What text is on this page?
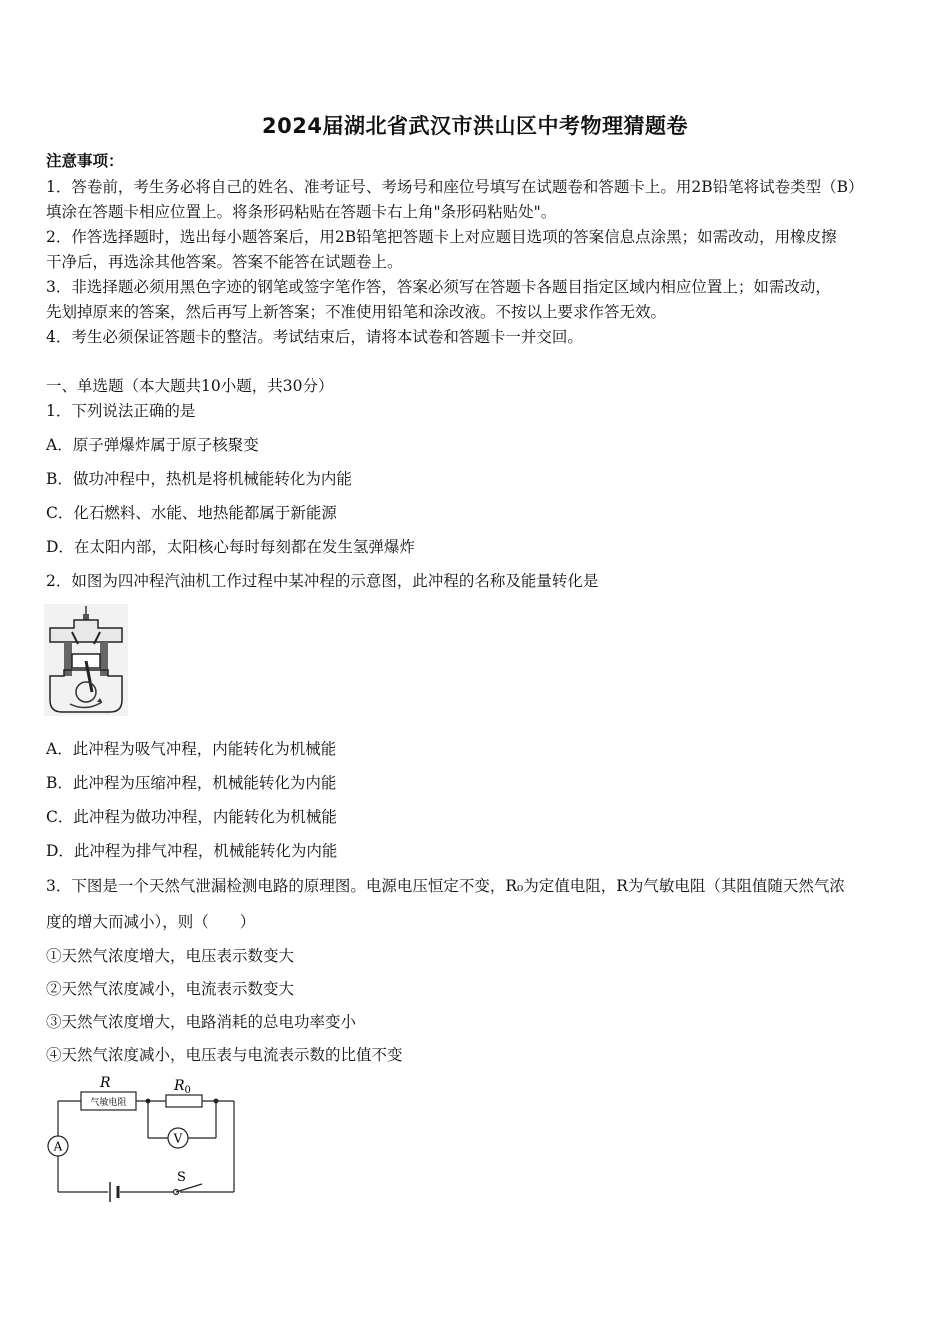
2024届湖北省武汉市洪山区中考物理猜题卷
注意事项：
1．答卷前，考生务必将自己的姓名、准考证号、考场号和座位号填写在试题卷和答题卡上。用2B铅笔将试卷类型（B）
填涂在答题卡相应位置上。将条形码粘贴在答题卡右上角"条形码粘贴处"。
2．作答选择题时，选出每小题答案后，用2B铅笔把答题卡上对应题目选项的答案信息点涂黑；如需改动，用橡皮擦
干净后，再选涂其他答案。答案不能答在试题卷上。
3．非选择题必须用黑色字迹的钢笔或签字笔作答，答案必须写在答题卡各题目指定区域内相应位置上；如需改动，
先划掉原来的答案，然后再写上新答案；不准使用铅笔和涂改液。不按以上要求作答无效。
4．考生必须保证答题卡的整洁。考试结束后，请将本试卷和答题卡一并交回。
一、单选题（本大题共10小题，共30分）
1．下列说法正确的是
A．原子弹爆炸属于原子核聚变
B．做功冲程中，热机是将机械能转化为内能
C．化石燃料、水能、地热能都属于新能源
D．在太阳内部，太阳核心每时每刻都在发生氢弹爆炸
2．如图为四冲程汽油机工作过程中某冲程的示意图，此冲程的名称及能量转化是
A．此冲程为吸气冲程，内能转化为机械能
B．此冲程为压缩冲程，机械能转化为内能
C．此冲程为做功冲程，内能转化为机械能
D．此冲程为排气冲程，机械能转化为内能
3．下图是一个天然气泄漏检测电路的原理图。电源电压恒定不变，R₀为定值电阻，R为气敏电阻（其阻值随天然气浓
度的增大而减小），则（　　）
①天然气浓度增大，电压表示数变大
②天然气浓度减小，电流表示数变大
③天然气浓度增大，电路消耗的总电功率变小
④天然气浓度减小，电压表与电流表示数的比值不变
R
气敏电阻
$R_0$
A
V
S
